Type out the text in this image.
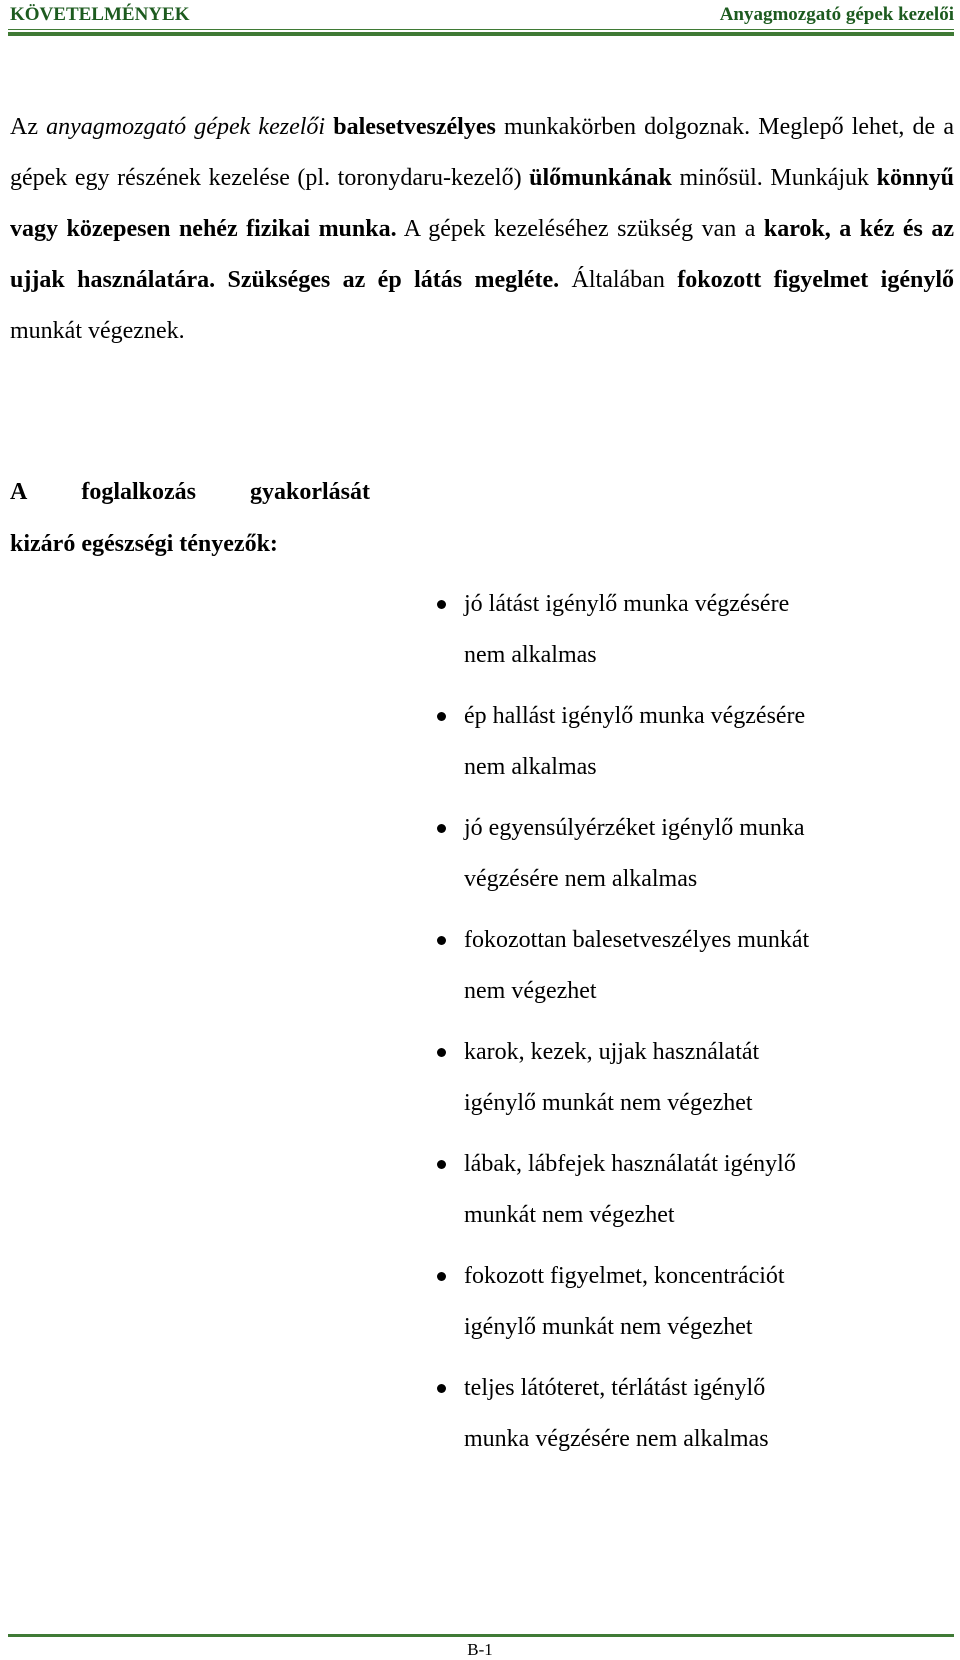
KÖVETELMÉNYEK	Anyagmozgató gépek kezelői

Az anyagmozgató gépek kezelői balesetveszélyes munkakörben dolgoznak. Meglepő lehet, de a gépek egy részének kezelése (pl. toronydaru-kezelő) ülőmunkának minősül. Munkájuk könnyű vagy közepesen nehéz fizikai munka. A gépek kezeléséhez szükség van a karok, a kéz és az ujjak használatára. Szükséges az ép látás megléte. Általában fokozott figyelmet igénylő munkát végeznek.

A foglalkozás gyakorlását
kizáró egészségi tényezők:
jó látást igénylő munka végzésére
nem alkalmas
ép hallást igénylő munka végzésére
nem alkalmas
jó egyensúlyérzéket igénylő munka
végzésére nem alkalmas
fokozottan balesetveszélyes munkát
nem végezhet
karok, kezek, ujjak használatát
igénylő munkát nem végezhet
lábak, lábfejek használatát igénylő
munkát nem végezhet
fokozott figyelmet, koncentrációt
igénylő munkát nem végezhet
teljes látóteret, térlátást igénylő
munka végzésére nem alkalmas
B-1
